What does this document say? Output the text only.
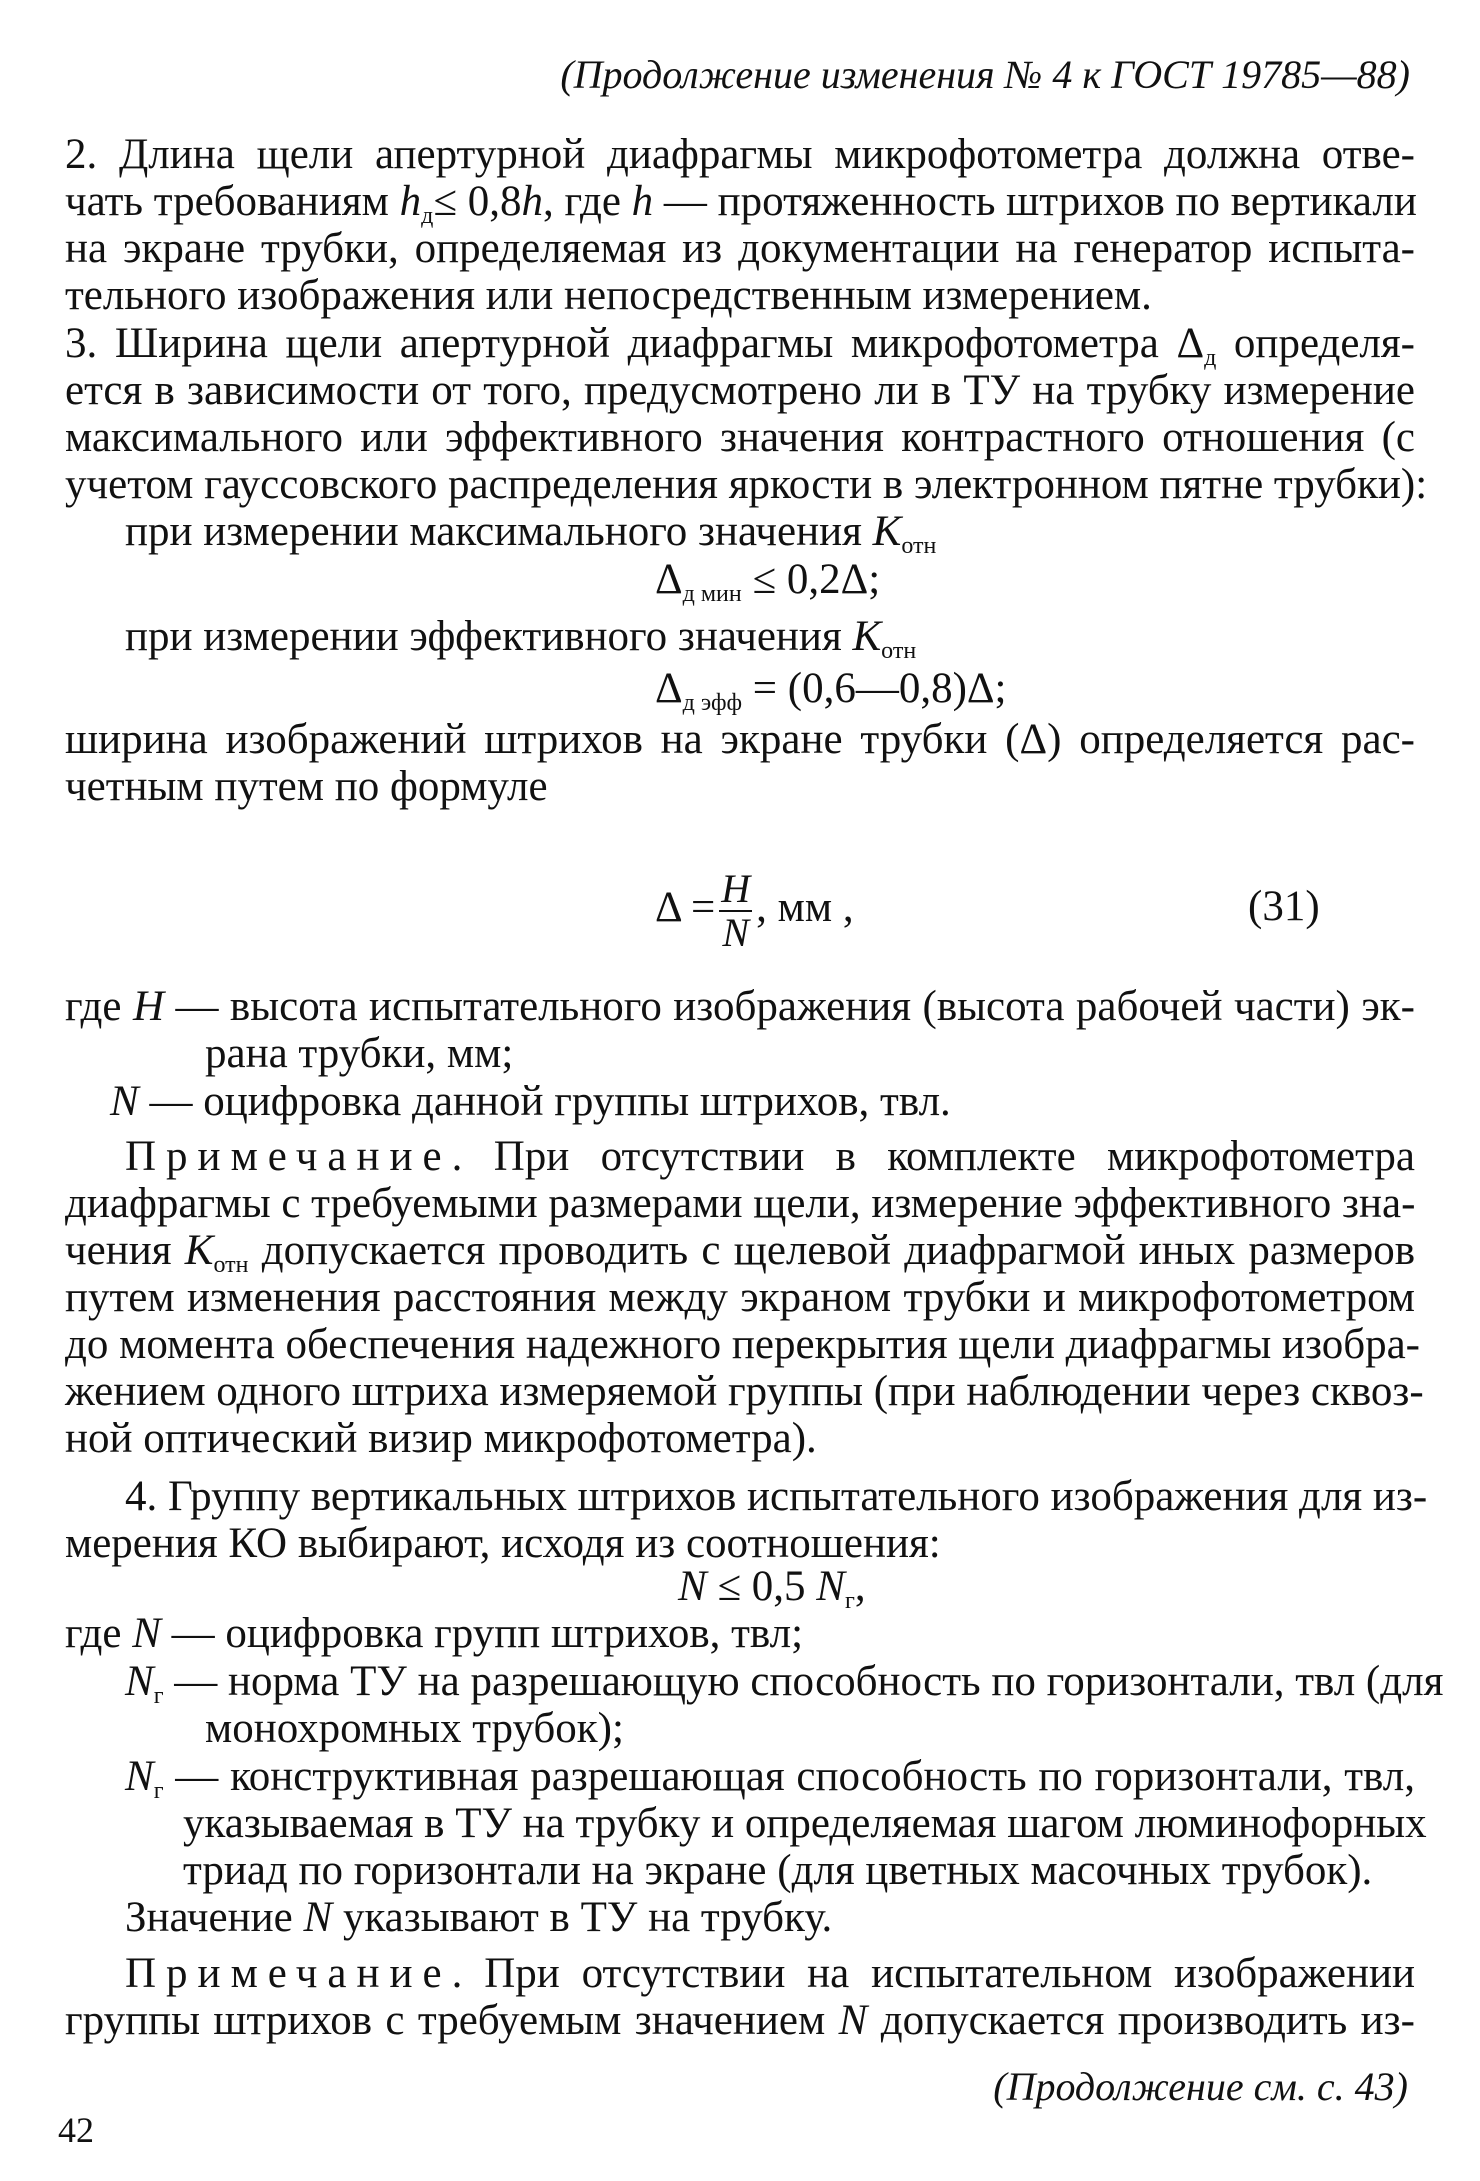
(Продолжение изменения № 4 к ГОСТ 19785—88)
2. Длина щели апертурной диафрагмы микрофотометра должна отве-
чать требованиям $h_д\le 0,8h$, где h — протяженность штрихов по вертикали
на экране трубки, определяемая из документации на генератор испыта-
тельного изображения или непосредственным измерением.
3. Ширина щели апертурной диафрагмы микрофотометра $\Delta_д$ определя-
ется в зависимости от того, предусмотрено ли в ТУ на трубку измерение
максимального или эффективного значения контрастного отношения (с
учетом гауссовского распределения яркости в электронном пятне трубки):
при измерении максимального значения $K_{отн}$
$\Delta_{д мин} \le 0,2\Delta$;
при измерении эффективного значения $K_{отн}$
$\Delta_{д эфф}$ = (0,6—0,8)Δ;
ширина изображений штрихов на экране трубки (Δ) определяется рас-
четным путем по формуле
$\Delta = \frac{H}{N}$ , мм ,	(31)
где H — высота испытательного изображения (высота рабочей части) эк-
рана трубки, мм;
N — оцифровка данной группы штрихов, твл.
Примечание. При отсутствии в комплекте микрофотометра
диафрагмы с требуемыми размерами щели, измерение эффективного зна-
чения $K_{отн}$ допускается проводить с щелевой диафрагмой иных размеров
путем изменения расстояния между экраном трубки и микрофотометром
до момента обеспечения надежного перекрытия щели диафрагмы изобра-
жением одного штриха измеряемой группы (при наблюдении через сквоз-
ной оптический визир микрофотометра).
4. Группу вертикальных штрихов испытательного изображения для из-
мерения КО выбирают, исходя из соотношения:
N ≤ 0,5 $N_г$,
где N — оцифровка групп штрихов, твл;
$N_г$ — норма ТУ на разрешающую способность по горизонтали, твл (для
монохромных трубок);
$N_г$ — конструктивная разрешающая способность по горизонтали, твл,
указываемая в ТУ на трубку и определяемая шагом люминофорных
триад по горизонтали на экране (для цветных масочных трубок).
Значение N указывают в ТУ на трубку.
Примечание. При отсутствии на испытательном изображении
группы штрихов с требуемым значением N допускается производить из-
(Продолжение см. с. 43)
42
